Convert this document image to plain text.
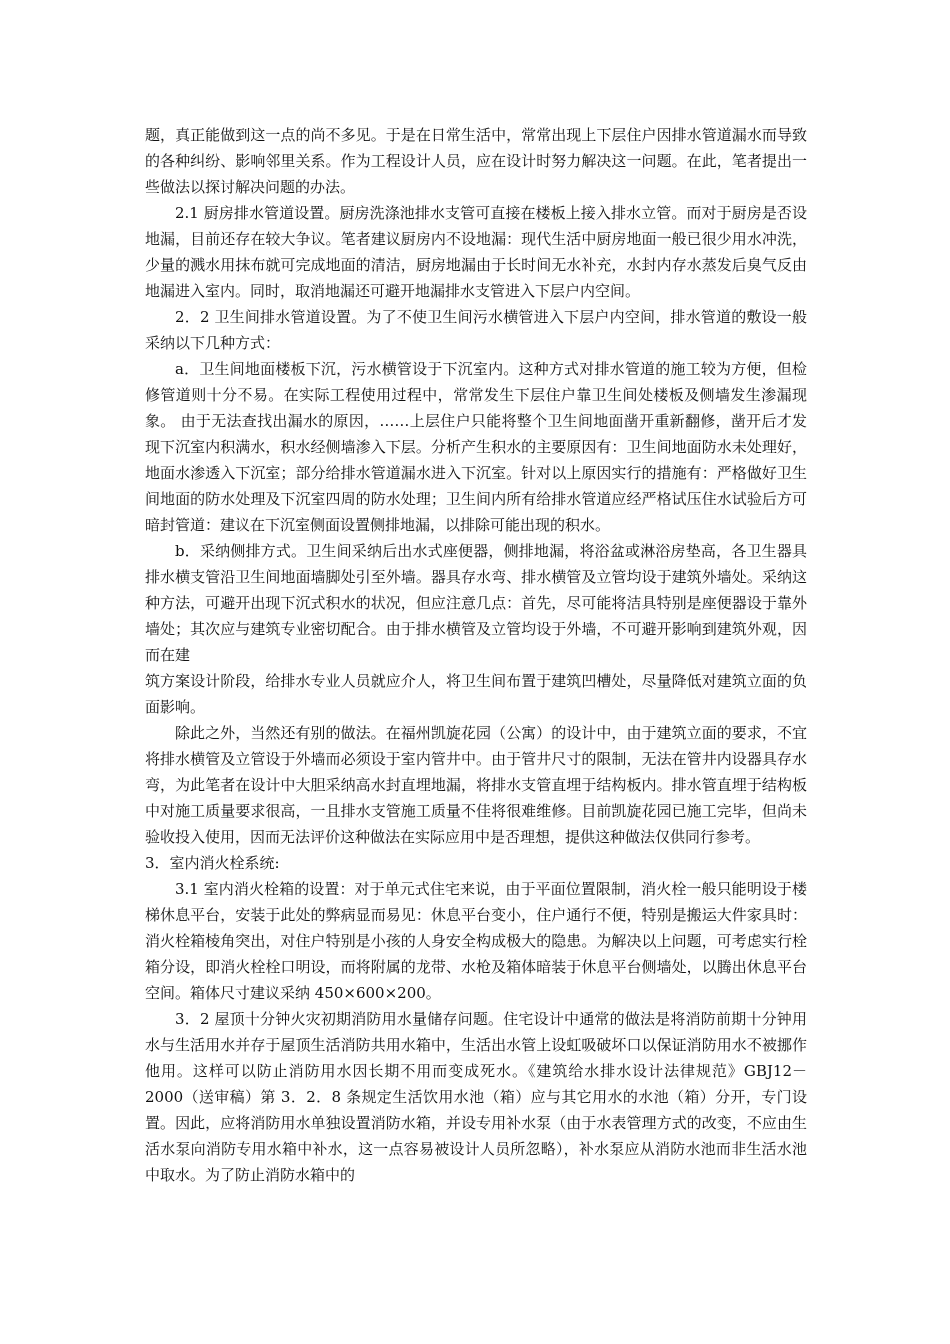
题，真正能做到这一点的尚不多见。于是在日常生活中，常常出现上下层住户因排水管道漏水而导致的各种纠纷、影响邻里关系。作为工程设计人员，应在设计时努力解决这一问题。在此，笔者提出一些做法以探讨解决问题的办法。

2.1 厨房排水管道设置。厨房洗涤池排水支管可直接在楼板上接入排水立管。而对于厨房是否设地漏，目前还存在较大争议。笔者建议厨房内不设地漏：现代生活中厨房地面一般已很少用水冲洗，少量的溅水用抹布就可完成地面的清洁，厨房地漏由于长时间无水补充，水封内存水蒸发后臭气反由地漏进入室内。同时，取消地漏还可避开地漏排水支管进入下层户内空间。

2．2 卫生间排水管道设置。为了不使卫生间污水横管进入下层户内空间，排水管道的敷设一般采纳以下几种方式：

a．卫生间地面楼板下沉，污水横管设于下沉室内。这种方式对排水管道的施工较为方便，但检修管道则十分不易。在实际工程使用过程中，常常发生下层住户靠卫生间处楼板及侧墙发生渗漏现象。 由于无法查找出漏水的原因，……上层住户只能将整个卫生间地面凿开重新翻修，凿开后才发现下沉室内积满水，积水经侧墙渗入下层。分析产生积水的主要原因有：卫生间地面防水未处理好，地面水渗透入下沉室；部分给排水管道漏水进入下沉室。针对以上原因实行的措施有：严格做好卫生间地面的防水处理及下沉室四周的防水处理；卫生间内所有给排水管道应经严格试压住水试验后方可暗封管道：建议在下沉室侧面设置侧排地漏，以排除可能出现的积水。

b．采纳侧排方式。卫生间采纳后出水式座便器，侧排地漏，将浴盆或淋浴房垫高，各卫生器具排水横支管沿卫生间地面墙脚处引至外墙。器具存水弯、排水横管及立管均设于建筑外墙处。采纳这种方法，可避开出现下沉式积水的状况，但应注意几点：首先，尽可能将洁具特别是座便器设于靠外墙处；其次应与建筑专业密切配合。由于排水横管及立管均设于外墙，不可避开影响到建筑外观，因而在建

筑方案设计阶段，给排水专业人员就应介人，将卫生间布置于建筑凹槽处，尽量降低对建筑立面的负面影响。

除此之外，当然还有别的做法。在福州凯旋花园（公寓）的设计中，由于建筑立面的要求，不宜将排水横管及立管设于外墙而必须设于室内管井中。由于管井尺寸的限制，无法在管井内设器具存水弯，为此笔者在设计中大胆采纳高水封直埋地漏，将排水支管直埋于结构板内。排水管直埋于结构板中对施工质量要求很高，一且排水支管施工质量不佳将很难维修。目前凯旋花园已施工完毕，但尚未验收投入使用，因而无法评价这种做法在实际应用中是否理想，提供这种做法仅供同行参考。

3．室内消火栓系统:

3.1 室内消火栓箱的设置：对于单元式住宅来说，由于平面位置限制，消火栓一般只能明设于楼梯休息平台，安装于此处的弊病显而易见：休息平台变小，住户通行不便，特别是搬运大件家具时：消火栓箱棱角突出，对住户特别是小孩的人身安全构成极大的隐患。为解决以上问题，可考虑实行栓箱分设，即消火栓栓口明设，而将附属的龙带、水枪及箱体暗装于休息平台侧墙处，以腾出休息平台空间。箱体尺寸建议采纳 450×600×200。

3．2 屋顶十分钟火灾初期消防用水量储存问题。住宅设计中通常的做法是将消防前期十分钟用水与生活用水并存于屋顶生活消防共用水箱中，生活出水管上设虹吸破坏口以保证消防用水不被挪作他用。这样可以防止消防用水因长期不用而变成死水。《建筑给水排水设计法律规范》GBJ12－2000（送审稿）第 3．2．8 条规定生活饮用水池（箱）应与其它用水的水池（箱）分开，专门设置。因此，应将消防用水单独设置消防水箱，并设专用补水泵（由于水表管理方式的改变，不应由生活水泵向消防专用水箱中补水，这一点容易被设计人员所忽略），补水泵应从消防水池而非生活水池中取水。为了防止消防水箱中的
